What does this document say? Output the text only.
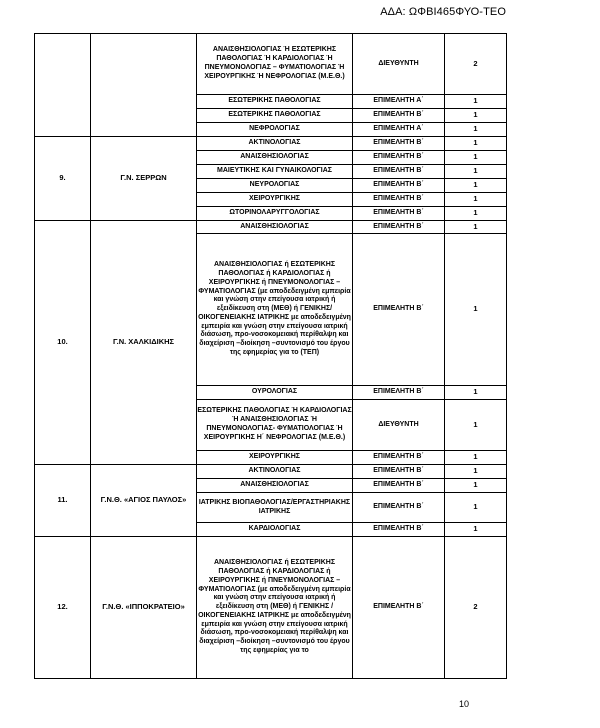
ΑΔΑ: ΩΦΒΙ465ΦΥΟ-ΤΕΟ
		ΑΝΑΙΣΘΗΣΙΟΛΟΓΙΑΣ Ή ΕΣΩΤΕΡΙΚΗΣ ΠΑΘΟΛΟΓΙΑΣ Ή ΚΑΡΔΙΟΛΟΓΙΑΣ Ή ΠΝΕΥΜΟΝΟΛΟΓΙΑΣ – ΦΥΜΑΤΙΟΛΟΓΙΑΣ Ή ΧΕΙΡΟΥΡΓΙΚΗΣ Ή ΝΕΦΡΟΛΟΓΙΑΣ (Μ.Ε.Θ.)	ΔΙΕΥΘΥΝΤΗ	2
		ΕΣΩΤΕΡΙΚΗΣ ΠΑΘΟΛΟΓΙΑΣ	ΕΠΙΜΕΛΗΤΗ Α΄	1
		ΕΣΩΤΕΡΙΚΗΣ ΠΑΘΟΛΟΓΙΑΣ	ΕΠΙΜΕΛΗΤΗ Β΄	1
		ΝΕΦΡΟΛΟΓΙΑΣ	ΕΠΙΜΕΛΗΤΗ Α΄	1
9.	Γ.Ν. ΣΕΡΡΩΝ	ΑΚΤΙΝΟΛΟΓΙΑΣ	ΕΠΙΜΕΛΗΤΗ Β΄	1
		ΑΝΑΙΣΘΗΣΙΟΛΟΓΙΑΣ	ΕΠΙΜΕΛΗΤΗ Β΄	1
		ΜΑΙΕΥΤΙΚΗΣ ΚΑΙ ΓΥΝΑΙΚΟΛΟΓΙΑΣ	ΕΠΙΜΕΛΗΤΗ Β΄	1
		ΝΕΥΡΟΛΟΓΙΑΣ	ΕΠΙΜΕΛΗΤΗ Β΄	1
		ΧΕΙΡΟΥΡΓΙΚΗΣ	ΕΠΙΜΕΛΗΤΗ Β΄	1
		ΩΤΟΡΙΝΟΛΑΡΥΓΓΟΛΟΓΙΑΣ	ΕΠΙΜΕΛΗΤΗ Β΄	1
10.	Γ.Ν. ΧΑΛΚΙΔΙΚΗΣ	ΑΝΑΙΣΘΗΣΙΟΛΟΓΙΑΣ	ΕΠΙΜΕΛΗΤΗ Β΄	1
		ΑΝΑΙΣΘΗΣΙΟΛΟΓΙΑΣ ή ΕΣΩΤΕΡΙΚΗΣ ΠΑΘΟΛΟΓΙΑΣ ή ΚΑΡΔΙΟΛΟΓΙΑΣ ή ΧΕΙΡΟΥΡΓΙΚΗΣ ή ΠΝΕΥΜΟΝΟΛΟΓΙΑΣ – ΦΥΜΑΤΙΟΛΟΓΙΑΣ (με αποδεδειγμένη εμπειρία και γνώση στην επείγουσα ιατρική ή εξειδίκευση στη (ΜΕΘ) ή ΓΕΝΙΚΗΣ/ΟΙΚΟΓΕΝΕΙΑΚΗΣ ΙΑΤΡΙΚΗΣ με αποδεδειγμένη εμπειρία και γνώση στην επείγουσα ιατρική διάσωση, προ-νοσοκομειακή περίθαλψη και διαχείριση –διοίκηση –συντονισμό του έργου της εφημερίας για το (ΤΕΠ)	ΕΠΙΜΕΛΗΤΗ Β΄	1
		ΟΥΡΟΛΟΓΙΑΣ	ΕΠΙΜΕΛΗΤΗ Β΄	1
		ΕΣΩΤΕΡΙΚΗΣ ΠΑΘΟΛΟΓΙΑΣ Ή ΚΑΡΔΙΟΛΟΓΙΑΣ Ή ΑΝΑΙΣΘΗΣΙΟΛΟΓΙΑΣ Ή ΠΝΕΥΜΟΝΟΛΟΓΙΑΣ- ΦΥΜΑΤΙΟΛΟΓΙΑΣ Ή ΧΕΙΡΟΥΡΓΙΚΗΣ Η΄ ΝΕΦΡΟΛΟΓΙΑΣ (Μ.Ε.Θ.)	ΔΙΕΥΘΥΝΤΗ	1
		ΧΕΙΡΟΥΡΓΙΚΗΣ	ΕΠΙΜΕΛΗΤΗ Β΄	1
11.	Γ.Ν.Θ. «ΑΓΙΟΣ ΠΑΥΛΟΣ»	ΑΚΤΙΝΟΛΟΓΙΑΣ	ΕΠΙΜΕΛΗΤΗ Β΄	1
		ΑΝΑΙΣΘΗΣΙΟΛΟΓΙΑΣ	ΕΠΙΜΕΛΗΤΗ Β΄	1
		ΙΑΤΡΙΚΗΣ ΒΙΟΠΑΘΟΛΟΓΙΑΣ/ΕΡΓΑΣΤΗΡΙΑΚΗΣ ΙΑΤΡΙΚΗΣ	ΕΠΙΜΕΛΗΤΗ Β΄	1
		ΚΑΡΔΙΟΛΟΓΙΑΣ	ΕΠΙΜΕΛΗΤΗ Β΄	1
12.	Γ.Ν.Θ. «ΙΠΠΟΚΡΑΤΕΙΟ»	ΑΝΑΙΣΘΗΣΙΟΛΟΓΙΑΣ ή ΕΣΩΤΕΡΙΚΗΣ ΠΑΘΟΛΟΓΙΑΣ ή ΚΑΡΔΙΟΛΟΓΙΑΣ ή ΧΕΙΡΟΥΡΓΙΚΗΣ ή ΠΝΕΥΜΟΝΟΛΟΓΙΑΣ – ΦΥΜΑΤΙΟΛΟΓΙΑΣ (με αποδεδειγμένη εμπειρία και γνώση στην επείγουσα ιατρική ή εξειδίκευση στη (ΜΕΘ) ή ΓΕΝΙΚΗΣ / ΟΙΚΟΓΕΝΕΙΑΚΗΣ ΙΑΤΡΙΚΗΣ με αποδεδειγμένη εμπειρία και γνώση στην επείγουσα ιατρική διάσωση, προ-νοσοκομειακή περίθαλψη και διαχείριση –διοίκηση –συντονισμό του έργου της εφημερίας για το	ΕΠΙΜΕΛΗΤΗ Β΄	2
10
